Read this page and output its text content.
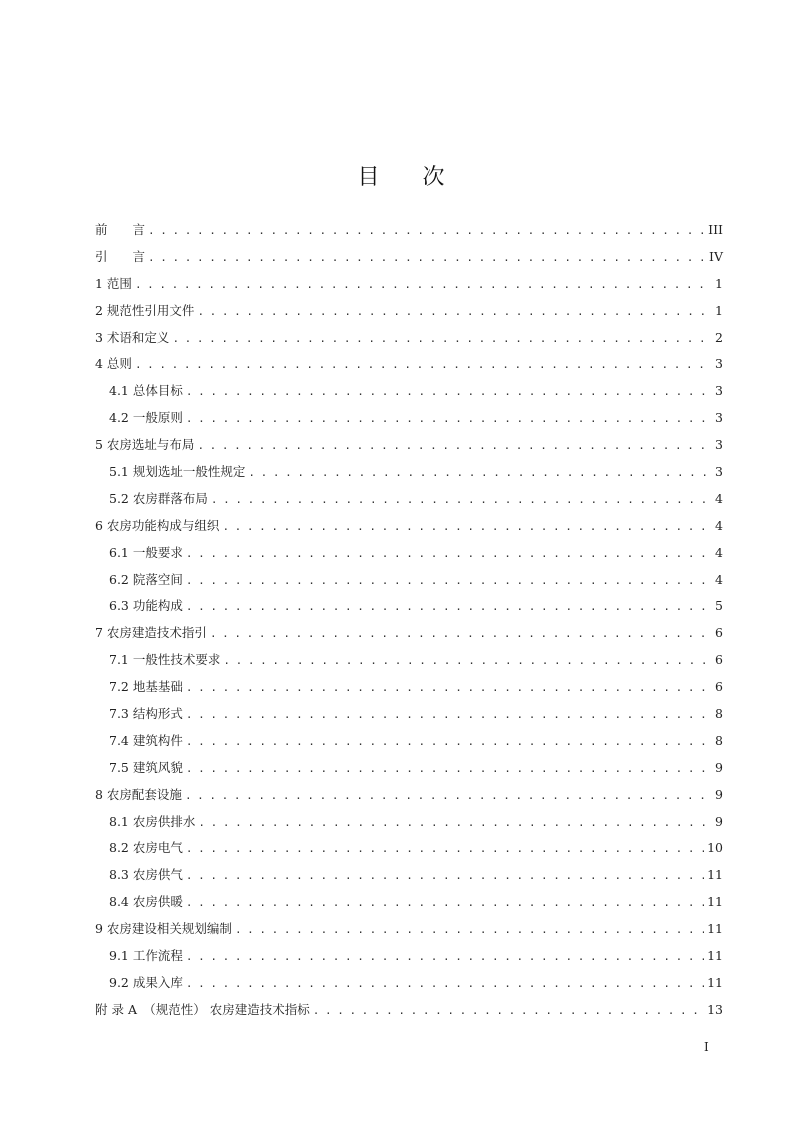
目 次
前　　言 . . .	III
引　　言 . . .	IV
1 范围 . . .	1
2 规范性引用文件 . . .	1
3 术语和定义 . . .	2
4 总则 . . .	3
4.1 总体目标 . . .	3
4.2 一般原则 . . .	3
5 农房选址与布局 . . .	3
5.1 规划选址一般性规定 . . .	3
5.2 农房群落布局 . . .	4
6 农房功能构成与组织 . . .	4
6.1 一般要求 . . .	4
6.2 院落空间 . . .	4
6.3 功能构成 . . .	5
7 农房建造技术指引 . . .	6
7.1 一般性技术要求 . . .	6
7.2 地基基础 . . .	6
7.3 结构形式 . . .	8
7.4 建筑构件 . . .	8
7.5 建筑风貌 . . .	9
8 农房配套设施 . . .	9
8.1 农房供排水 . . .	9
8.2 农房电气 . . .	10
8.3 农房供气 . . .	11
8.4 农房供暖 . . .	11
9 农房建设相关规划编制 . . .	11
9.1 工作流程 . . .	11
9.2 成果入库 . . .	11
附 录 A　（规范性） 农房建造技术指标 . . .	13
I
